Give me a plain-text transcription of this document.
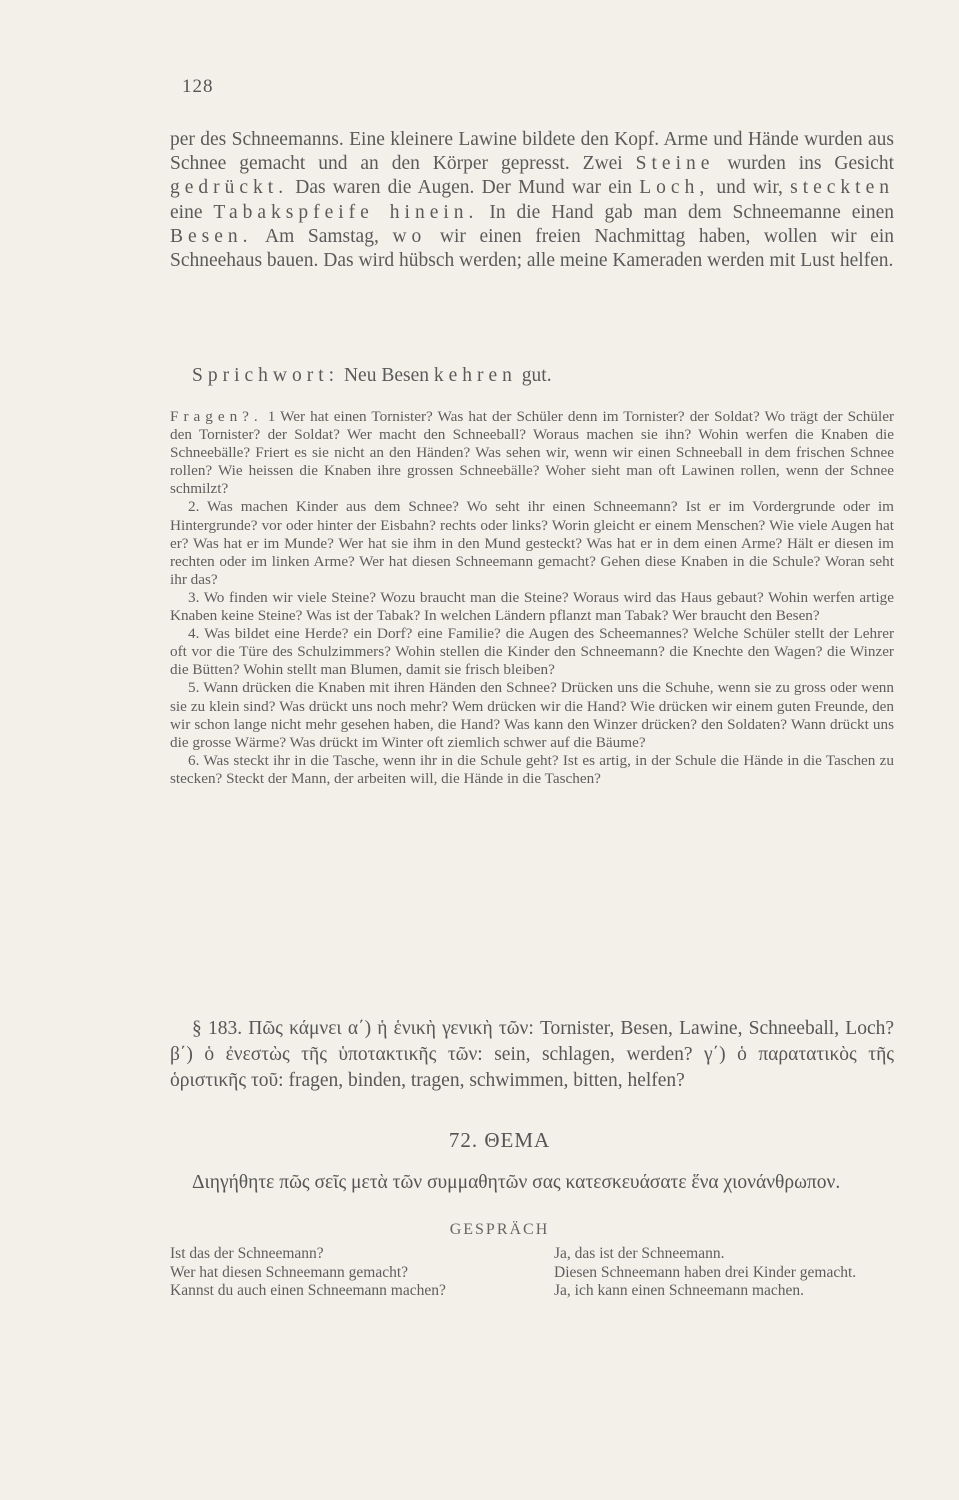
128

per des Schneemanns. Eine kleinere Lawine bildete den Kopf. Arme und Hände wurden aus Schnee gemacht und an den Körper gepresst. Zwei Steine wurden ins Gesicht gedrückt. Das waren die Augen. Der Mund war ein Loch, und wir, steckten eine Tabakspfeife hinein. In die Hand gab man dem Schneemanne einen Besen. Am Samstag, wo wir einen freien Nachmittag haben, wollen wir ein Schneehaus bauen. Das wird hübsch werden; alle meine Kameraden werden mit Lust helfen.

Sprichwort: Neu Besen kehren gut.

Fragen?. 1 Wer hat einen Tornister? Was hat der Schüler denn im Tornister? der Soldat? Wo trägt der Schüler den Tornister? der Soldat? Wer macht den Schneeball? Woraus machen sie ihn? Wohin werfen die Knaben die Schneebälle? Friert es sie nicht an den Händen? Was sehen wir, wenn wir einen Schneeball in dem frischen Schnee rollen? Wie heissen die Knaben ihre grossen Schneebälle? Woher sieht man oft Lawinen rollen, wenn der Schnee schmilzt?

2. Was machen Kinder aus dem Schnee? Wo seht ihr einen Schneemann? Ist er im Vordergrunde oder im Hintergrunde? vor oder hinter der Eisbahn? rechts oder links? Worin gleicht er einem Menschen? Wie viele Augen hat er? Was hat er im Munde? Wer hat sie ihm in den Mund gesteckt? Was hat er in dem einen Arme? Hält er diesen im rechten oder im linken Arme? Wer hat diesen Schneemann gemacht? Gehen diese Knaben in die Schule? Woran seht ihr das?

3. Wo finden wir viele Steine? Wozu braucht man die Steine? Woraus wird das Haus gebaut? Wohin werfen artige Knaben keine Steine? Was ist der Tabak? In welchen Ländern pflanzt man Tabak? Wer braucht den Besen?

4. Was bildet eine Herde? ein Dorf? eine Familie? die Augen des Scheemannes? Welche Schüler stellt der Lehrer oft vor die Türe des Schulzimmers? Wohin stellen die Kinder den Schneemann? die Knechte den Wagen? die Winzer die Bütten? Wohin stellt man Blumen, damit sie frisch bleiben?

5. Wann drücken die Knaben mit ihren Händen den Schnee? Drücken uns die Schuhe, wenn sie zu gross oder wenn sie zu klein sind? Was drückt uns noch mehr? Wem drücken wir die Hand? Wie drücken wir einem guten Freunde, den wir schon lange nicht mehr gesehen haben, die Hand? Was kann den Winzer drücken? den Soldaten? Wann drückt uns die grosse Wärme? Was drückt im Winter oft ziemlich schwer auf die Bäume?

6. Was steckt ihr in die Tasche, wenn ihr in die Schule geht? Ist es artig, in der Schule die Hände in die Taschen zu stecken? Steckt der Mann, der arbeiten will, die Hände in die Taschen?

§ 183. Πῶς κάμνει α΄) ἡ ἑνικὴ γενικὴ τῶν: Tornister, Besen, Lawine, Schneeball, Loch? β΄) ὁ ἐνεστὼς τῆς ὑποτακτικῆς τῶν: sein, schlagen, werden? γ΄) ὁ παρατατικὸς τῆς ὁριστικῆς τοῦ: fragen, binden, tragen, schwimmen, bitten, helfen?

72. ΘΕΜΑ

Διηγήθητε πῶς σεῖς μετὰ τῶν συμμαθητῶν σας κατεσκευάσατε ἕνα χιονάνθρωπον.

GESPRÄCH
Ist das der Schneemann?	Ja, das ist der Schneemann.
Wer hat diesen Schneemann gemacht?	Diesen Schneemann haben drei Kinder gemacht.
Kannst du auch einen Schneemann machen?	Ja, ich kann einen Schneemann machen.
